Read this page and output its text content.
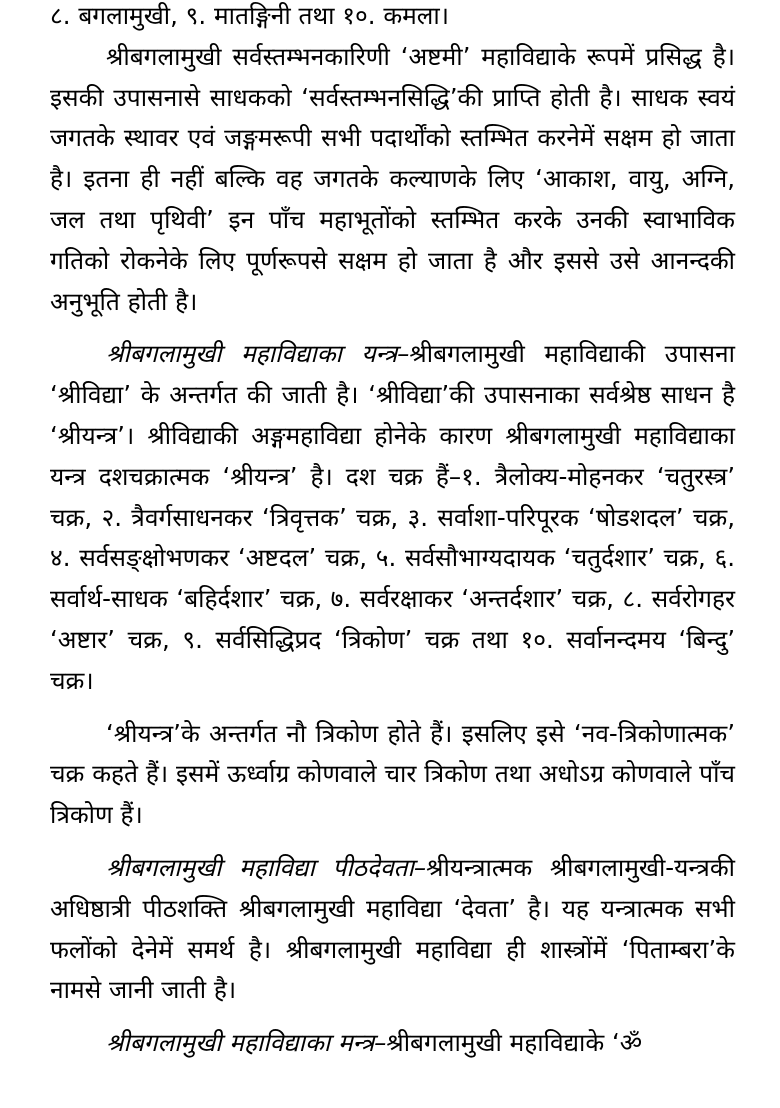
८. बगलामुखी, ९. मातङ्गिनी तथा १०. कमला।

श्रीबगलामुखी सर्वस्तम्भनकारिणी ‘अष्टमी’ महाविद्याके रूपमें प्रसिद्ध है। इसकी उपासनासे साधकको ‘सर्वस्तम्भनसिद्धि’की प्राप्ति होती है। साधक स्वयं जगतके स्थावर एवं जङ्गमरूपी सभी पदार्थोंको स्तम्भित करनेमें सक्षम हो जाता है। इतना ही नहीं बल्कि वह जगतके कल्याणके लिए ‘आकाश, वायु, अग्नि, जल तथा पृथिवी’ इन पाँच महाभूतोंको स्तम्भित करके उनकी स्वाभाविक गतिको रोकनेके लिए पूर्णरूपसे सक्षम हो जाता है और इससे उसे आनन्दकी अनुभूति होती है।

श्रीबगलामुखी महाविद्याका यन्त्र–श्रीबगलामुखी महाविद्याकी उपासना ‘श्रीविद्या’ के अन्तर्गत की जाती है। ‘श्रीविद्या’की उपासनाका सर्वश्रेष्ठ साधन है ‘श्रीयन्त्र’। श्रीविद्याकी अङ्गमहाविद्या होनेके कारण श्रीबगलामुखी महाविद्याका यन्त्र दशचक्रात्मक ‘श्रीयन्त्र’ है। दश चक्र हैं–१. त्रैलोक्य-मोहनकर ‘चतुरस्त्र’ चक्र, २. त्रैवर्गसाधनकर ‘त्रिवृत्तक’ चक्र, ३. सर्वाशा-परिपूरक ‘षोडशदल’ चक्र, ४. सर्वसङ्क्षोभणकर ‘अष्टदल’ चक्र, ५. सर्वसौभाग्यदायक ‘चतुर्दशार’ चक्र, ६. सर्वार्थ-साधक ‘बहिर्दशार’ चक्र, ७. सर्वरक्षाकर ‘अन्तर्दशार’ चक्र, ८. सर्वरोगहर ‘अष्टार’ चक्र, ९. सर्वसिद्धिप्रद ‘त्रिकोण’ चक्र तथा १०. सर्वानन्दमय ‘बिन्दु’ चक्र।

‘श्रीयन्त्र’के अन्तर्गत नौ त्रिकोण होते हैं। इसलिए इसे ‘नव-त्रिकोणात्मक’ चक्र कहते हैं। इसमें ऊर्ध्वाग्र कोणवाले चार त्रिकोण तथा अधोऽग्र कोणवाले पाँच त्रिकोण हैं।

श्रीबगलामुखी महाविद्या पीठदेवता–श्रीयन्त्रात्मक श्रीबगलामुखी-यन्त्रकी अधिष्ठात्री पीठशक्ति श्रीबगलामुखी महाविद्या ‘देवता’ है। यह यन्त्रात्मक सभी फलोंको देनेमें समर्थ है। श्रीबगलामुखी महाविद्या ही शास्त्रोंमें ‘पिताम्बरा’के नामसे जानी जाती है।

श्रीबगलामुखी महाविद्याका मन्त्र–श्रीबगलामुखी महाविद्याके ‘ॐ
